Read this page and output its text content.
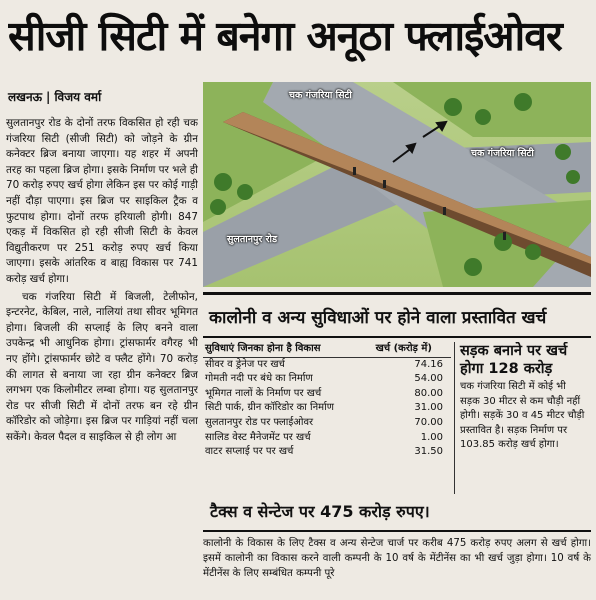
सीजी सिटी में बनेगा अनूठा फ्लाईओवर
लखनऊ | विजय वर्मा

सुलतानपुर रोड के दोनों तरफ विकसित हो रही चक गंजरिया सिटी (सीजी सिटी) को जोड़ने के ग्रीन कनेक्टर ब्रिज बनाया जाएगा। यह शहर में अपनी तरह का पहला ब्रिज होगा। इसके निर्माण पर भले ही 70 करोड़ रुपए खर्च होगा लेकिन इस पर कोई गाड़ी नहीं दौड़ा पाएगा। इस ब्रिज पर साइकिल ट्रैक व फुटपाथ होगा। दोनों तरफ हरियाली होगी। 847 एकड़ में विकसित हो रही सीजी सिटी के केवल विद्युतीकरण पर 251 करोड़ रुपए खर्च किया जाएगा। इसके आंतरिक व बाह्य विकास पर 741 करोड़ खर्च होगा।

चक गंजरिया सिटी में बिजली, टेलीफोन, इन्टरनेट, केबिल, नाले, नालियां तथा सीवर भूमिगत होगा। बिजली की सप्लाई के लिए बनने वाला उपकेन्द्र भी आधुनिक होगा। ट्रांसफार्मर वगैरह भी नए होंगे। ट्रांसफार्मर छोटे व फ्लैट होंगे। 70 करोड़ की लागत से बनाया जा रहा ग्रीन कनेक्टर ब्रिज लगभग एक किलोमीटर लम्बा होगा। यह सुलतानपुर रोड पर सीजी सिटी में दोनों तरफ बन रहे ग्रीन कॉरिडोर को जोड़ेगा। इस ब्रिज पर गाड़ियां नहीं चला सकेंगे। केवल पैदल व साइकिल से ही लोग आ

चक गंजरिया सिटी
चक गंजरिया सिटी
सुलतानपुर रोड
कालोनी व अन्य सुविधाओं पर होने वाला प्रस्तावित खर्च
सुविधाएं जिनका होना है विकास	खर्च (करोड़ में)
सीवर व ड्रेनेज पर खर्च	74.16
गोमती नदी पर बंधे का निर्माण	54.00
भूमिगत नालों के निर्माण पर खर्च	80.00
सिटी पार्क, ग्रीन कॉरिडोर का निर्माण	31.00
सुलतानपुर रोड पर फ्लाईओवर	70.00
सालिड वेस्ट मैनेजमेंट पर खर्च	1.00
वाटर सप्लाई पर पर खर्च	31.50
सड़क बनाने पर खर्च होगा 128 करोड़
चक गंजरिया सिटी में कोई भी सड़क 30 मीटर से कम चौड़ी नहीं होगी। सड़कें 30 व 45 मीटर चौड़ी प्रस्तावित है। सड़क निर्माण पर 103.85 करोड़ खर्च होगा।
टैक्स व सेन्टेज पर 475 करोड़ रुपए।
कालोनी के विकास के लिए टैक्स व अन्य सेन्टेज चार्ज पर करीब 475 करोड़ रुपए अलग से खर्च होगा। इसमें कालोनी का विकास करने वाली कम्पनी के 10 वर्ष के मेंटीनेंस का भी खर्च जुड़ा होगा। 10 वर्ष के मेंटीनेंस के लिए सम्बंधित कम्पनी पूरे
